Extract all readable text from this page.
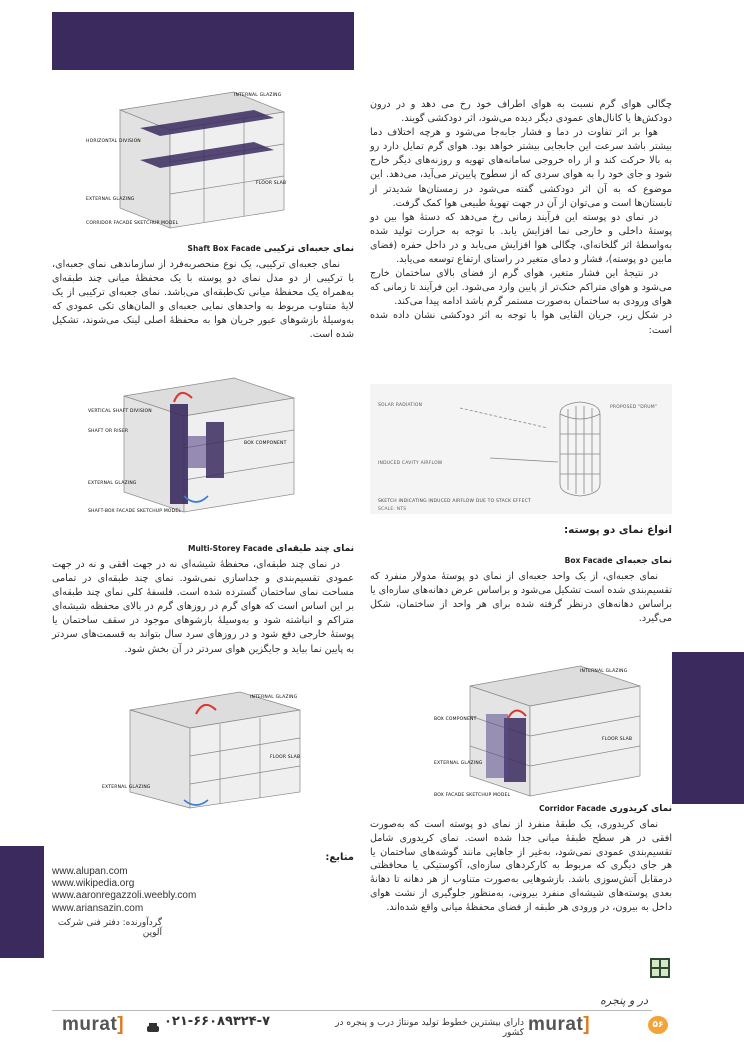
چگالی هوای گرم نسبت به هوای اطراف خود رخ می دهد و در درون دودکش‌ها یا کانال‌های عمودی دیگر دیده می‌شود، اثر دودکشی گویند.

هوا بر اثر تفاوت در دما و فشار جابه‌جا می‌شود و هرچه اختلاف دما بیشتر باشد سرعت این جابجایی بیشتر خواهد بود. هوای گرم تمایل دارد رو به بالا حرکت کند و از راه خروجی سامانه‌های تهویه و روزنه‌های دیگر خارج شود و جای خود را به هوای سردی که از سطوح پایین‌تر می‌آید، می‌دهد. این موضوع که به آن اثر دودکشی گفته می‌شود در زمستان‌ها شدیدتر از تابستان‌ها است و می‌توان از آن در جهت تهویهٔ طبیعی هوا کمک گرفت.

در نمای دو پوسته این فرآیند زمانی رخ می‌دهد که دستهٔ هوا بین دو پوستهٔ داخلی و خارجی نما افزایش یابد. با توجه به حرارت تولید شده به‌واسطهٔ اثر گلخانه‌ای، چگالی هوا افزایش می‌یابد و در داخل حفره (فضای مابین دو پوسته)، فشار و دمای متغیر در راستای ارتفاع توسعه می‌یابد.

در نتیجهٔ این فشار متغیر، هوای گرم از فضای بالای ساختمان خارج می‌شود و هوای متراکم خنک‌تر از پایین وارد می‌شود. این فرآیند تا زمانی که هوای ورودی به ساختمان به‌صورت مستمر گرم باشد ادامه پیدا می‌کند.

در شکل زیر، جریان القایی هوا با توجه به اثر دودکشی نشان داده شده است:

SOLAR RADIATION	PROPOSED "DRUM"
INDUCED CAVITY AIRFLOW
SKETCH INDICATING INDUCED AIRFLOW DUE TO STACK EFFECT
SCALE: NTS
انواع نمای دو پوسته:
نمای جعبه‌ای Box Facade
نمای جعبه‌ای، از یک واحد جعبه‌ای از نمای دو پوستهٔ مدولار منفرد که تقسیم‌بندی شده است تشکیل می‌شود و براساس عرض دهانه‌های سازه‌ای یا براساس دهانه‌های درنظر گرفته شده برای هر واحد از ساختمان، شکل می‌گیرد.
INTERNAL GLAZING
BOX COMPONENT
FLOOR SLAB
EXTERNAL GLAZING
BOX FACADE SKETCHUP MODEL
نمای کریدوری Corridor Facade
نمای کریدوری، یک طبقهٔ منفرد از نمای دو پوسته است که به‌صورت افقی در هر سطح طبقهٔ میانی جدا شده است. نمای کریدوری شامل تقسیم‌بندی عمودی نمی‌شود، به‌غیر از جاهایی مانند گوشه‌های ساختمان یا هر جای دیگری که مربوط به کارکردهای سازه‌ای، آکوستیکی یا محافظتی درمقابل آتش‌سوزی باشد. بازشوهایی به‌صورت متناوب از هر دهانه تا دهانهٔ بعدی پوسته‌های شیشه‌ای منفرد بیرونی، به‌منظور جلوگیری از نشت هوای داخل به بیرون، در ورودی هر طبقه از فضای محفظهٔ میانی واقع شده‌اند.
INTERNAL GLAZING
HORIZONTAL DIVISION
FLOOR SLAB
EXTERNAL GLAZING
CORRIDOR FACADE SKETCHUP MODEL
نمای جعبه‌ای ترکیبی Shaft Box Facade
نمای جعبه‌ای ترکیبی، یک نوع منحصربه‌فرد از سازماندهی نمای جعبه‌ای، با ترکیبی از دو مدل نمای دو پوسته با یک محفظهٔ میانی چند طبقه‌ای به‌همراه یک محفظهٔ میانی تک‌طبقه‌ای می‌باشد. نمای جعبه‌ای ترکیبی از یک لایهٔ متناوب مربوط به واحدهای نمایی جعبه‌ای و المان‌های تکی عمودی که به‌وسیلهٔ بازشوهای عبور جریان هوا به محفظهٔ اصلی لینک می‌شوند، تشکیل شده است.
VERTICAL SHAFT DIVISION
SHAFT OR RISER
BOX COMPONENT
EXTERNAL GLAZING
SHAFT-BOX FACADE SKETCHUP MODEL
نمای چند طبقه‌ای Multi-Storey Facade
در نمای چند طبقه‌ای، محفظهٔ شیشه‌ای نه در جهت افقی و نه در جهت عمودی تقسیم‌بندی و جداسازی نمی‌شود. نمای چند طبقه‌ای در تمامی مساحت نمای ساختمان گسترده شده است. فلسفهٔ کلی نمای چند طبقه‌ای بر این اساس است که هوای گرم در روزهای گرم در بالای محفظه شیشه‌ای متراکم و انباشته شود و به‌وسیلهٔ بازشوهای موجود در سقف ساختمان یا پوستهٔ خارجی دفع شود و در روزهای سرد سال بتواند به قسمت‌های سردتر به پایین نما بیاید و جایگزین هوای سردتر در آن بخش شود.
INTERNAL GLAZING
FLOOR SLAB
EXTERNAL GLAZING
منابع:
www.alupan.com
www.wikipedia.org
www.aaronregazzoli.weebly.com
www.ariansazin.com
گردآورنده: دفتر فنی شرکت آلوپن
در و پنجره
murat]	۰۲۱-۶۶۰۸۹۳۲۴-۷	دارای بیشترین خطوط تولید مونتاژ درب و پنجره در کشور murat]	۵۶
